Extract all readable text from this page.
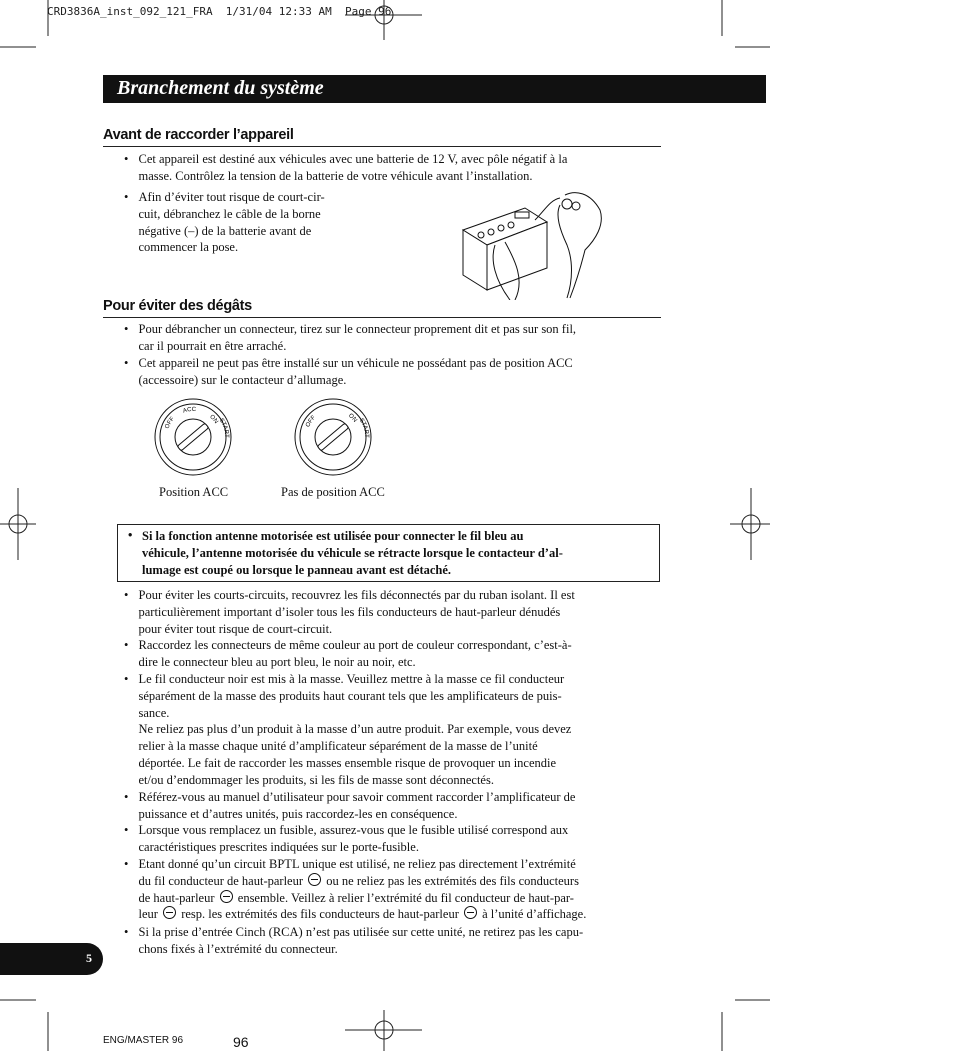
CRD3836A_inst_092_121_FRA  1/31/04 12:33 AM  Page 96
Branchement du système
Avant de raccorder l’appareil
• Cet appareil est destiné aux véhicules avec une batterie de 12 V, avec pôle négatif à la
masse. Contrôlez la tension de la batterie de votre véhicule avant l’installation.
• Afin d’éviter tout risque de court-cir-
cuit, débranchez le câble de la borne
négative (–) de la batterie avant de
commencer la pose.
Pour éviter des dégâts
• Pour débrancher un connecteur, tirez sur le connecteur proprement dit et pas sur son fil,
car il pourrait en être arraché.
• Cet appareil ne peut pas être installé sur un véhicule ne possédant pas de position ACC
(accessoire) sur le contacteur d’allumage.
OFF
ACC
ON
START
OFF	ON START
Position ACC	Pas de position ACC
• Si la fonction antenne motorisée est utilisée pour connecter le fil bleu au
véhicule, l’antenne motorisée du véhicule se rétracte lorsque le contacteur d’al-
lumage est coupé ou lorsque le panneau avant est détaché.
• Pour éviter les courts-circuits, recouvrez les fils déconnectés par du ruban isolant. Il est
particulièrement important d’isoler tous les fils conducteurs de haut-parleur dénudés
pour éviter tout risque de court-circuit.
• Raccordez les connecteurs de même couleur au port de couleur correspondant, c’est-à-
dire le connecteur bleu au port bleu, le noir au noir, etc.
• Le fil conducteur noir est mis à la masse. Veuillez mettre à la masse ce fil conducteur
séparément de la masse des produits haut courant tels que les amplificateurs de puis-
sance.
Ne reliez pas plus d’un produit à la masse d’un autre produit. Par exemple, vous devez
relier à la masse chaque unité d’amplificateur séparément de la masse de l’unité
déportée. Le fait de raccorder les masses ensemble risque de provoquer un incendie
et/ou d’endommager les produits, si les fils de masse sont déconnectés.
• Référez-vous au manuel d’utilisateur pour savoir comment raccorder l’amplificateur de
puissance et d’autres unités, puis raccordez-les en conséquence.
• Lorsque vous remplacez un fusible, assurez-vous que le fusible utilisé correspond aux
caractéristiques prescrites indiquées sur le porte-fusible.
• Etant donné qu’un circuit BPTL unique est utilisé, ne reliez pas directement l’extrémité
du fil conducteur de haut-parleur ou ne reliez pas les extrémités des fils conducteurs
de haut-parleur ensemble. Veillez à relier l’extrémité du fil conducteur de haut-par-
leur resp. les extrémités des fils conducteurs de haut-parleur à l’unité d’affichage.
• Si la prise d’entrée Cinch (RCA) n’est pas utilisée sur cette unité, ne retirez pas les capu-
chons fixés à l’extrémité du connecteur.
5
ENG/MASTER 96	96
